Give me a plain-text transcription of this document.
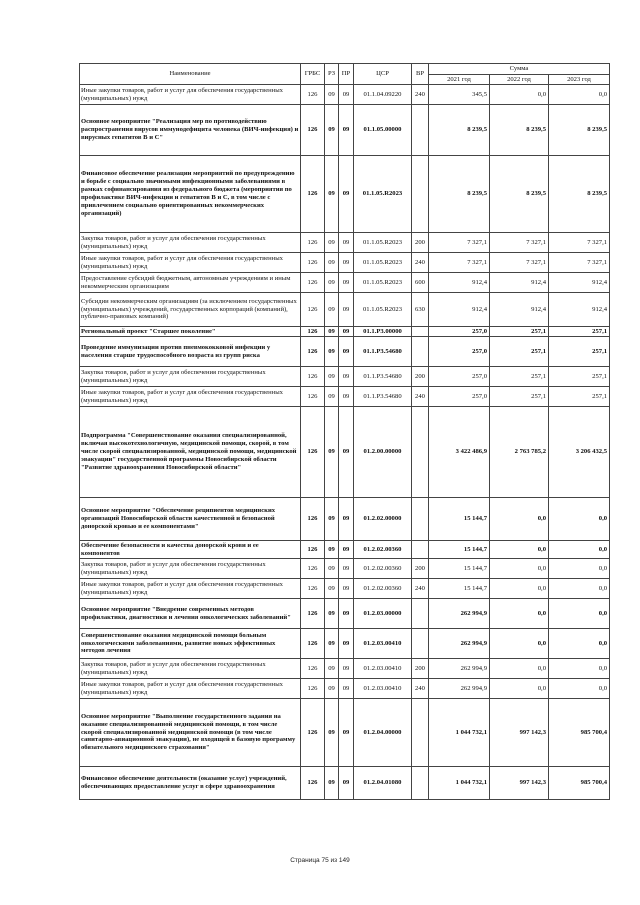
Наименование	ГРБС	РЗ	ПР	ЦСР	ВР	Сумма		
						2021 год	2022 год	2023 год
Иные закупки товаров, работ и услуг для обеспечения государственных (муниципальных) нужд	126	09	09	01.1.04.09220	240	345,5	0,0	0,0
Основное мероприятие "Реализация мер по противодействию распространения вирусов иммунодефицита человека (ВИЧ-инфекция) и вирусных гепатитов В и С"	126	09	09	01.1.05.00000		8 239,5	8 239,5	8 239,5
Финансовое обеспечение реализации мероприятий по предупреждению и борьбе с социально значимыми инфекционными заболеваниями в рамках софинансирования из федерального бюджета (мероприятия по профилактике ВИЧ-инфекции и гепатитов В и С, в том числе с привлечением социально ориентированных некоммерческих организаций)	126	09	09	01.1.05.R2023		8 239,5	8 239,5	8 239,5
Закупка товаров, работ и услуг для обеспечения государственных (муниципальных) нужд	126	09	09	01.1.05.R2023	200	7 327,1	7 327,1	7 327,1
Иные закупки товаров, работ и услуг для обеспечения государственных (муниципальных) нужд	126	09	09	01.1.05.R2023	240	7 327,1	7 327,1	7 327,1
Предоставление субсидий бюджетным, автономным учреждениям и иным некоммерческим организациям	126	09	09	01.1.05.R2023	600	912,4	912,4	912,4
Субсидии некоммерческим организациям (за исключением государственных (муниципальных) учреждений, государственных корпораций (компаний), публично-правовых компаний)	126	09	09	01.1.05.R2023	630	912,4	912,4	912,4
Региональный проект "Старшее поколение"	126	09	09	01.1.P3.00000		257,0	257,1	257,1
Проведение иммунизации против пневмококковой инфекции у населения старше трудоспособного возраста из групп риска	126	09	09	01.1.P3.54680		257,0	257,1	257,1
Закупка товаров, работ и услуг для обеспечения государственных (муниципальных) нужд	126	09	09	01.1.P3.54680	200	257,0	257,1	257,1
Иные закупки товаров, работ и услуг для обеспечения государственных (муниципальных) нужд	126	09	09	01.1.P3.54680	240	257,0	257,1	257,1
Подпрограмма "Совершенствование оказания специализированной, включая высокотехнологичную, медицинской помощи, скорой, в том числе скорой специализированной, медицинской помощи, медицинской эвакуации" государственной программы Новосибирской области "Развитие здравоохранения Новосибирской области"	126	09	09	01.2.00.00000		3 422 486,9	2 763 785,2	3 206 432,5
Основное мероприятие "Обеспечение реципиентов медицинских организаций Новосибирской области качественной и безопасной донорской кровью и ее компонентами"	126	09	09	01.2.02.00000		15 144,7	0,0	0,0
Обеспечение безопасности и качества донорской крови и ее компонентов	126	09	09	01.2.02.00360		15 144,7	0,0	0,0
Закупка товаров, работ и услуг для обеспечения государственных (муниципальных) нужд	126	09	09	01.2.02.00360	200	15 144,7	0,0	0,0
Иные закупки товаров, работ и услуг для обеспечения государственных (муниципальных) нужд	126	09	09	01.2.02.00360	240	15 144,7	0,0	0,0
Основное мероприятие "Внедрение современных методов профилактики, диагностики и лечения онкологических заболеваний"	126	09	09	01.2.03.00000		262 994,9	0,0	0,0
Совершенствование оказания медицинской помощи больным онкологическими заболеваниями, развитие новых эффективных методов лечения	126	09	09	01.2.03.00410		262 994,9	0,0	0,0
Закупка товаров, работ и услуг для обеспечения государственных (муниципальных) нужд	126	09	09	01.2.03.00410	200	262 994,9	0,0	0,0
Иные закупки товаров, работ и услуг для обеспечения государственных (муниципальных) нужд	126	09	09	01.2.03.00410	240	262 994,9	0,0	0,0
Основное мероприятие "Выполнение государственного задания на оказание специализированной медицинской помощи, в том числе скорой специализированной медицинской помощи (в том числе санитарно-авиационной эвакуации), не входящей в базовую программу обязательного медицинского страхования"	126	09	09	01.2.04.00000		1 044 732,1	997 142,3	985 700,4
Финансовое обеспечение деятельности (оказание услуг) учреждений, обеспечивающих предоставление услуг в сфере здравоохранения	126	09	09	01.2.04.01080		1 044 732,1	997 142,3	985 700,4
Страница 75 из 149
